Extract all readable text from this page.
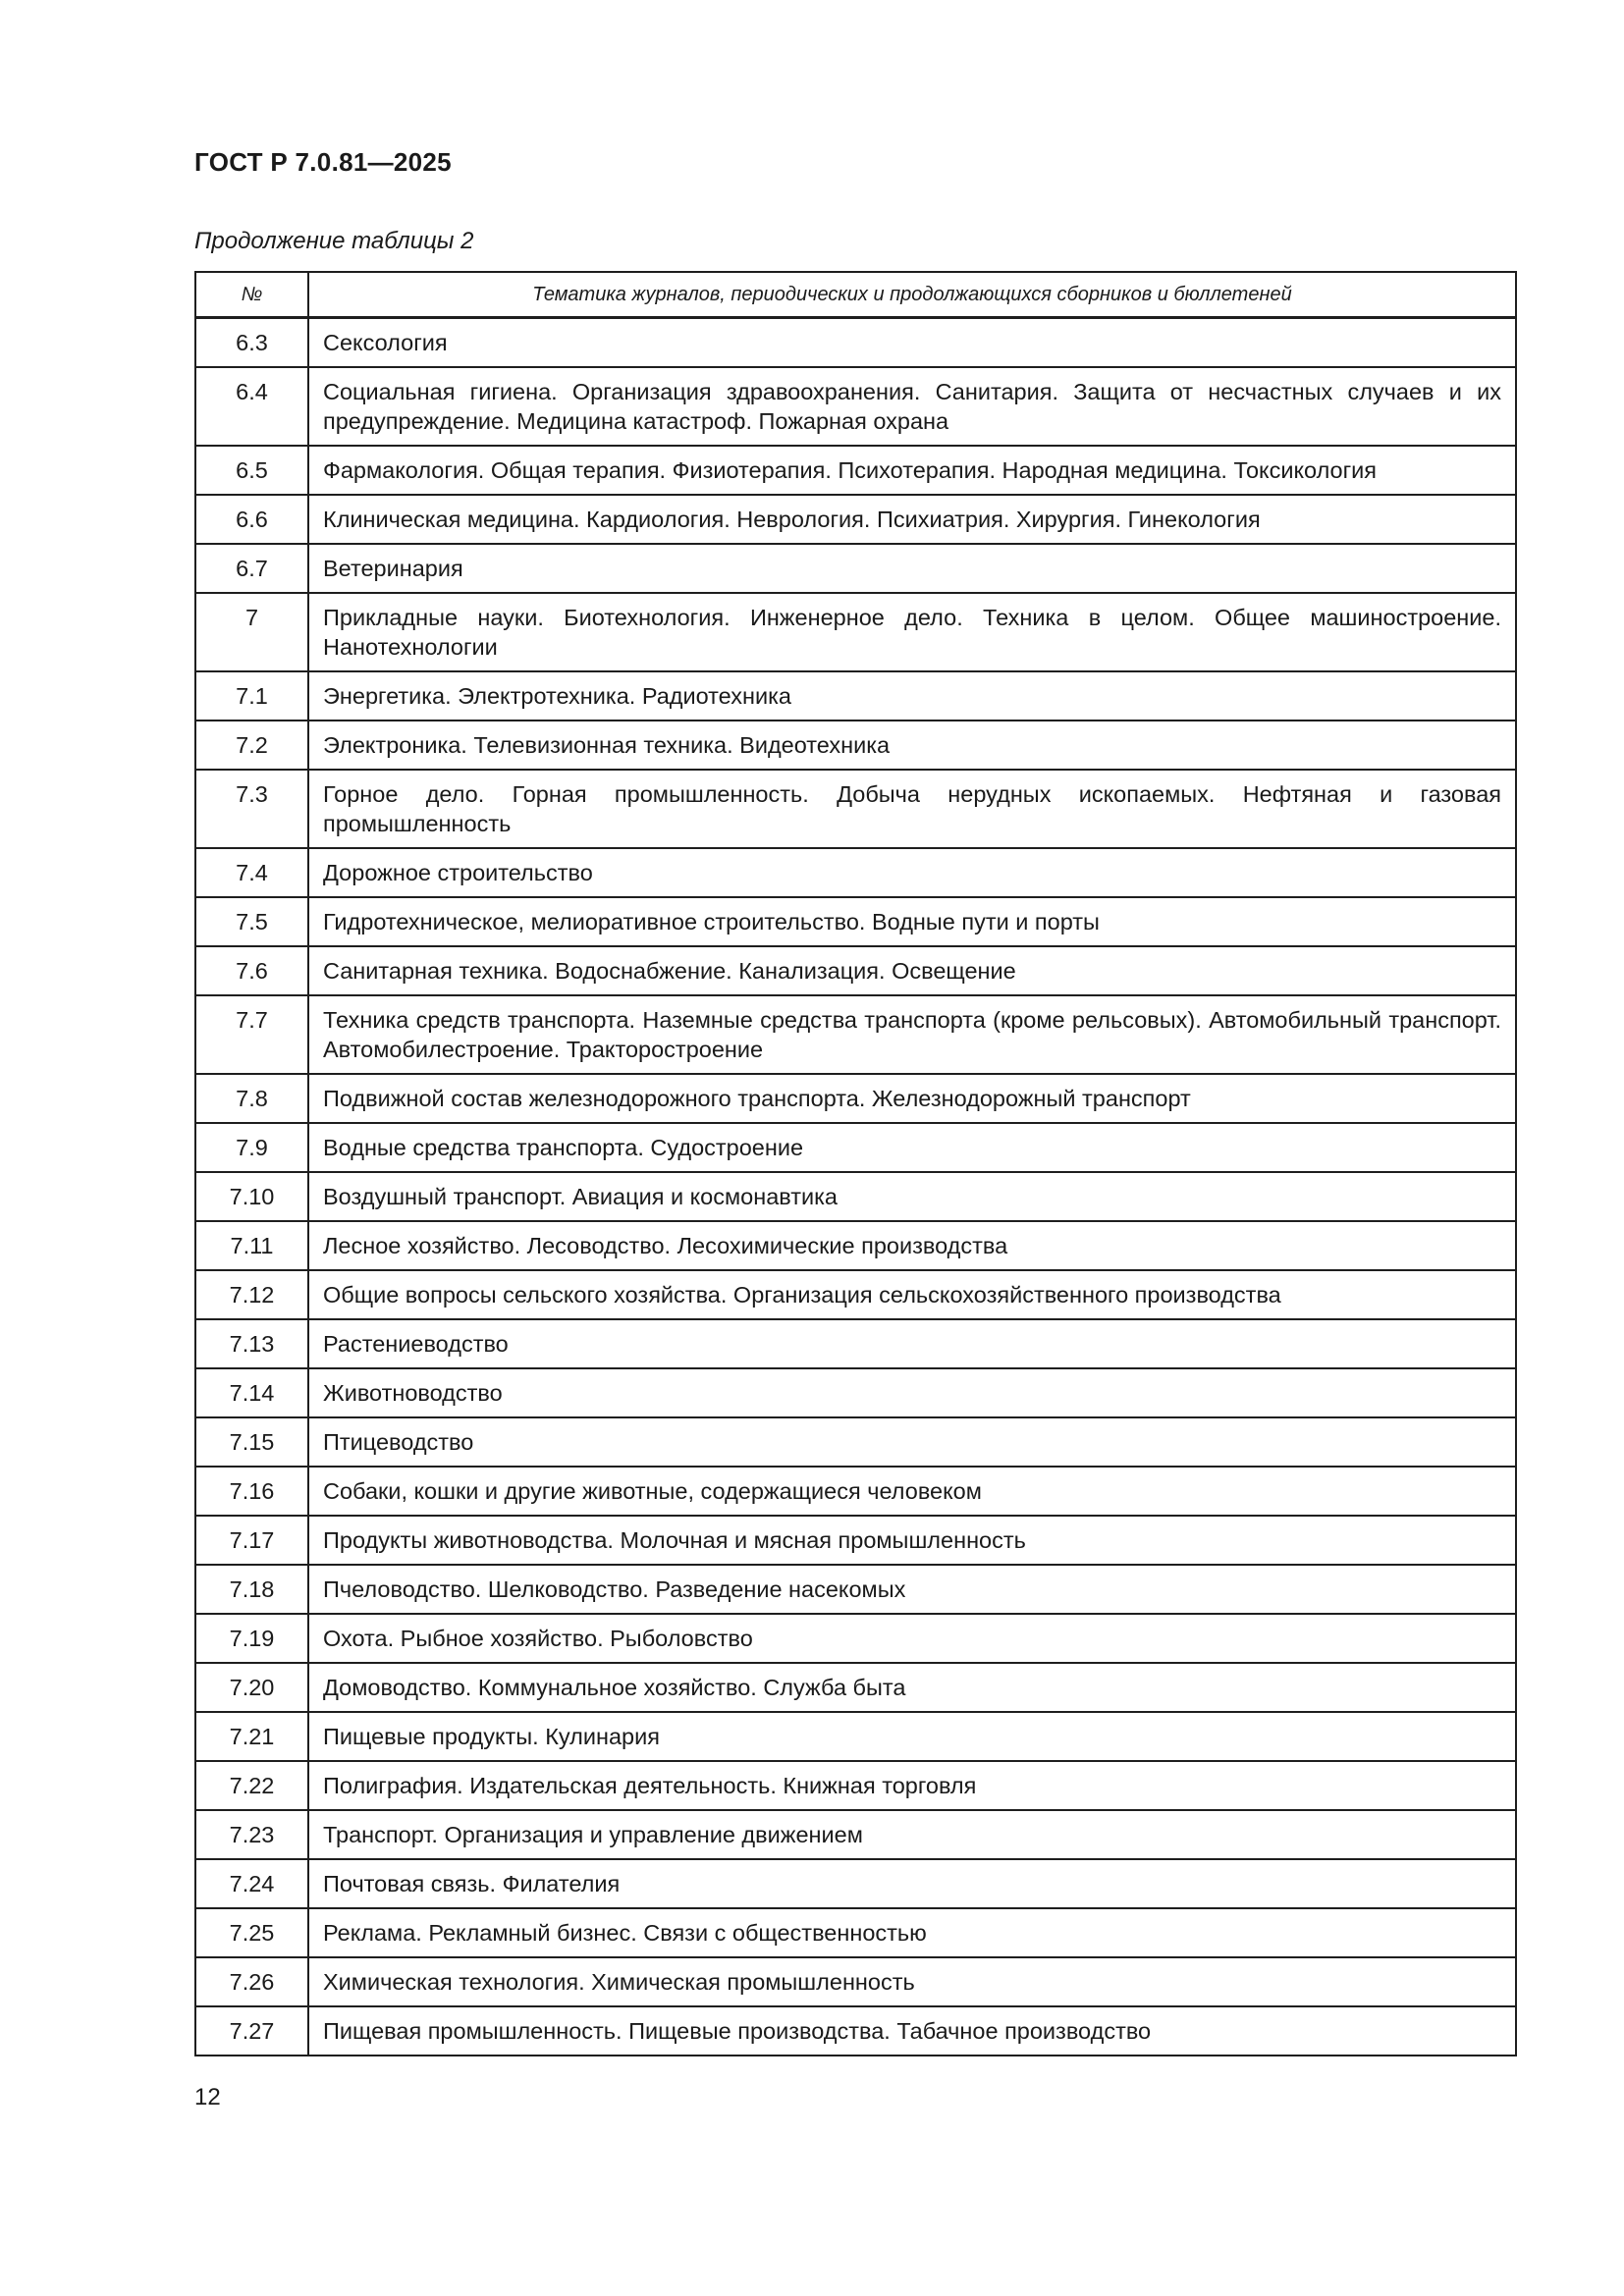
ГОСТ Р 7.0.81—2025
Продолжение таблицы 2
№	Тематика журналов, периодических и продолжающихся сборников и бюллетеней
6.3	Сексология
6.4	Социальная гигиена. Организация здравоохранения. Санитария. Защита от несчастных случаев и их предупреждение. Медицина катастроф. Пожарная охрана
6.5	Фармакология. Общая терапия. Физиотерапия. Психотерапия. Народная медицина. Токсикология
6.6	Клиническая медицина. Кардиология. Неврология. Психиатрия. Хирургия. Гинекология
6.7	Ветеринария
7	Прикладные науки. Биотехнология. Инженерное дело. Техника в целом. Общее машиностроение. Нанотехнологии
7.1	Энергетика. Электротехника. Радиотехника
7.2	Электроника. Телевизионная техника. Видеотехника
7.3	Горное дело. Горная промышленность. Добыча нерудных ископаемых. Нефтяная и газовая промышленность
7.4	Дорожное строительство
7.5	Гидротехническое, мелиоративное строительство. Водные пути и порты
7.6	Санитарная техника. Водоснабжение. Канализация. Освещение
7.7	Техника средств транспорта. Наземные средства транспорта (кроме рельсовых). Автомобильный транспорт. Автомобилестроение. Тракторостроение
7.8	Подвижной состав железнодорожного транспорта. Железнодорожный транспорт
7.9	Водные средства транспорта. Судостроение
7.10	Воздушный транспорт. Авиация и космонавтика
7.11	Лесное хозяйство. Лесоводство. Лесохимические производства
7.12	Общие вопросы сельского хозяйства. Организация сельскохозяйственного производства
7.13	Растениеводство
7.14	Животноводство
7.15	Птицеводство
7.16	Собаки, кошки и другие животные, содержащиеся человеком
7.17	Продукты животноводства. Молочная и мясная промышленность
7.18	Пчеловодство. Шелководство. Разведение насекомых
7.19	Охота. Рыбное хозяйство. Рыболовство
7.20	Домоводство. Коммунальное хозяйство. Служба быта
7.21	Пищевые продукты. Кулинария
7.22	Полиграфия. Издательская деятельность. Книжная торговля
7.23	Транспорт. Организация и управление движением
7.24	Почтовая связь. Филателия
7.25	Реклама. Рекламный бизнес. Связи с общественностью
7.26	Химическая технология. Химическая промышленность
7.27	Пищевая промышленность. Пищевые производства. Табачное производство
12
